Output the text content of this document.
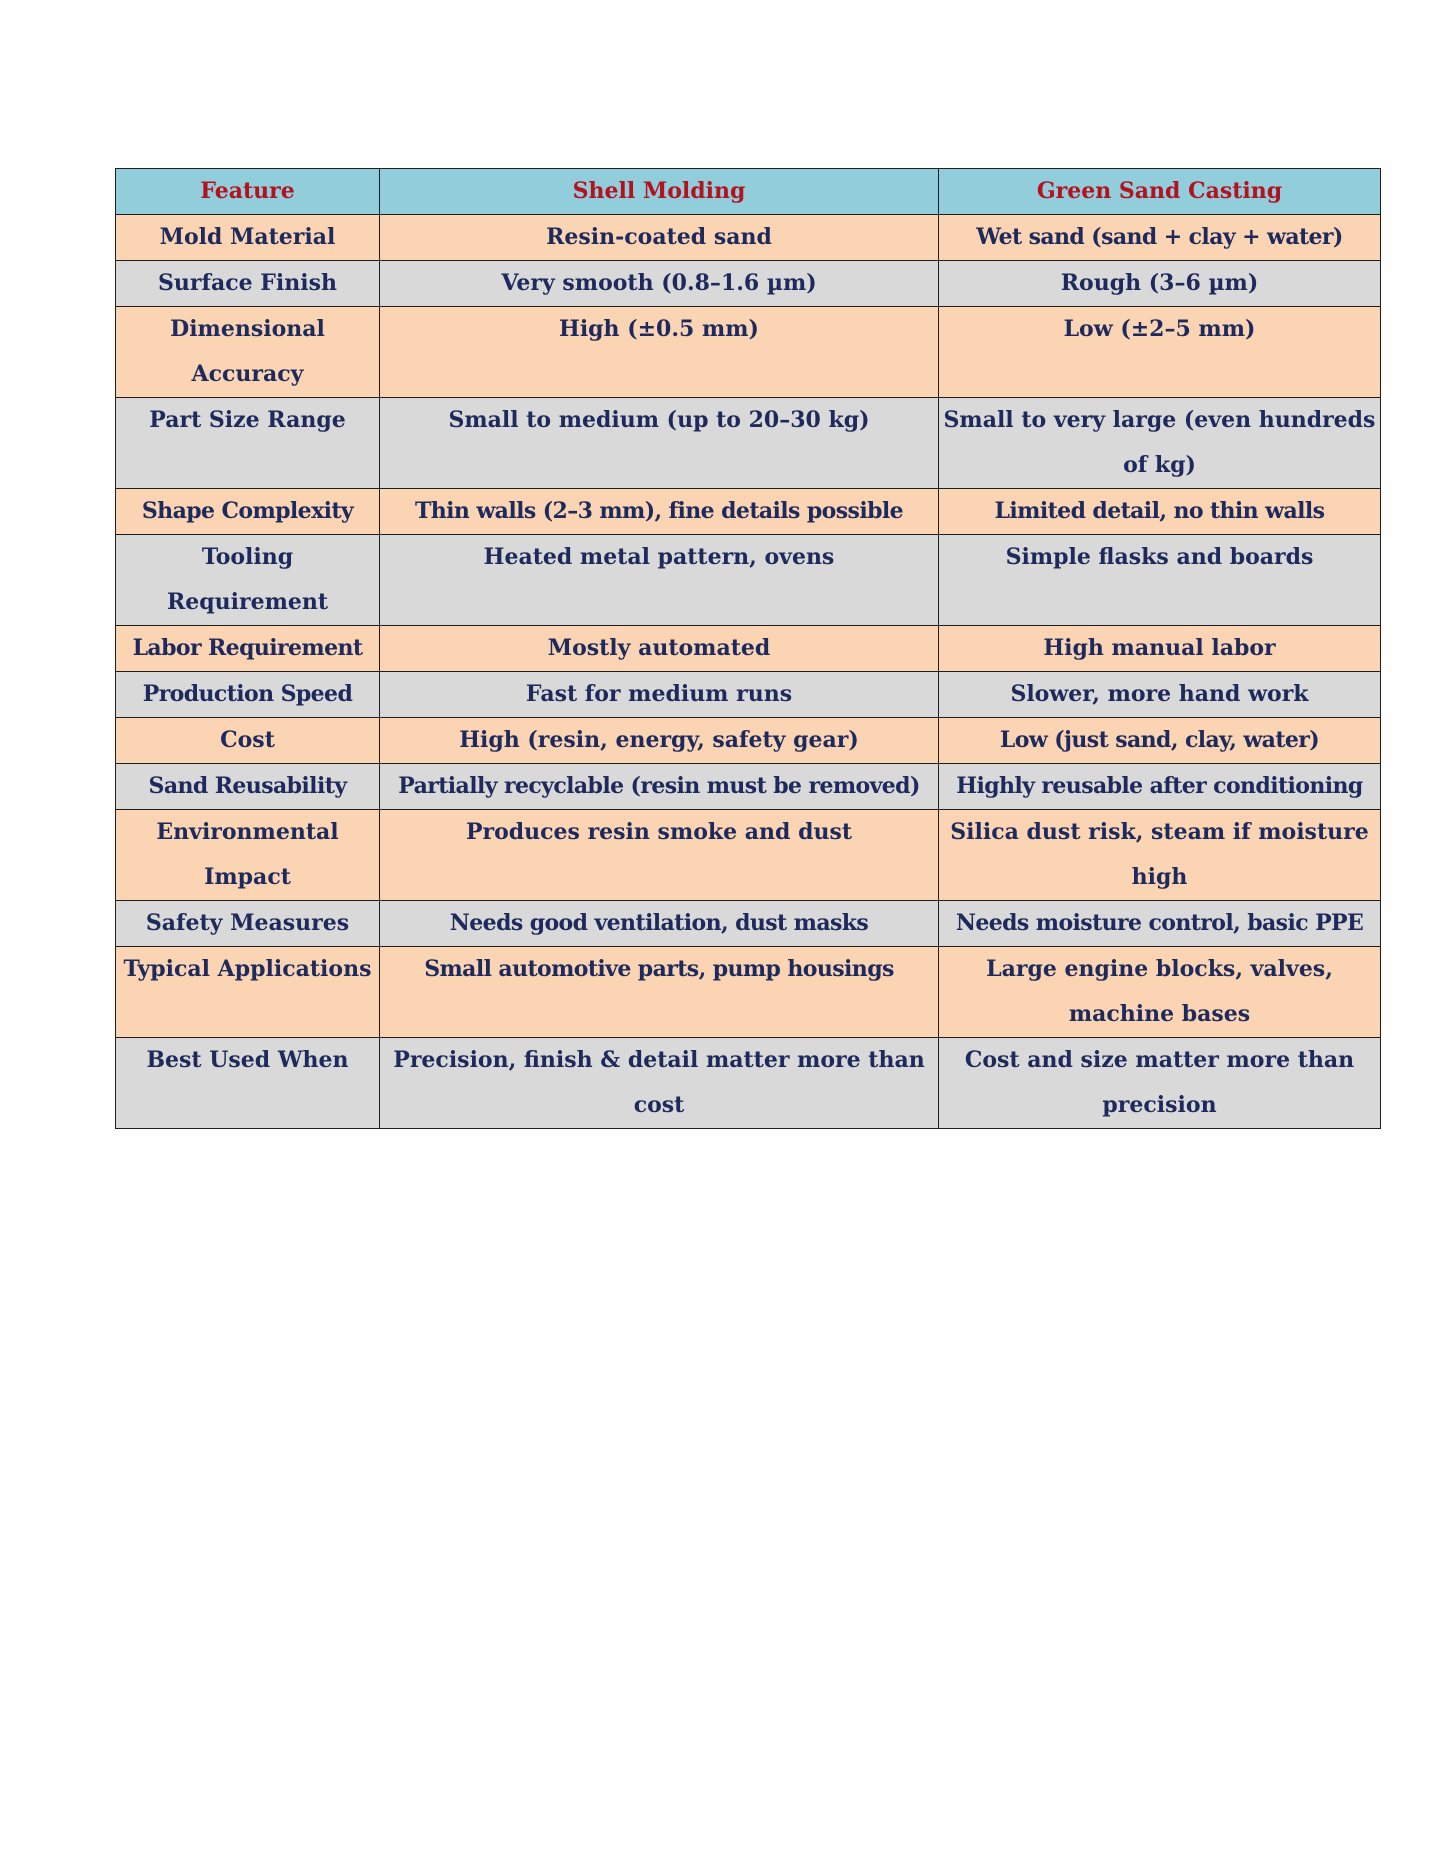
Feature	Shell Molding	Green Sand Casting
Mold Material	Resin-coated sand	Wet sand (sand + clay + water)
Surface Finish	Very smooth (0.8–1.6 µm)	Rough (3–6 µm)
Dimensional Accuracy	High (±0.5 mm)	Low (±2–5 mm)
Part Size Range	Small to medium (up to 20–30 kg)	Small to very large (even hundreds of kg)
Shape Complexity	Thin walls (2–3 mm), fine details possible	Limited detail, no thin walls
Tooling Requirement	Heated metal pattern, ovens	Simple flasks and boards
Labor Requirement	Mostly automated	High manual labor
Production Speed	Fast for medium runs	Slower, more hand work
Cost	High (resin, energy, safety gear)	Low (just sand, clay, water)
Sand Reusability	Partially recyclable (resin must be removed)	Highly reusable after conditioning
Environmental Impact	Produces resin smoke and dust	Silica dust risk, steam if moisture high
Safety Measures	Needs good ventilation, dust masks	Needs moisture control, basic PPE
Typical Applications	Small automotive parts, pump housings	Large engine blocks, valves, machine bases
Best Used When	Precision, finish & detail matter more than cost	Cost and size matter more than precision
